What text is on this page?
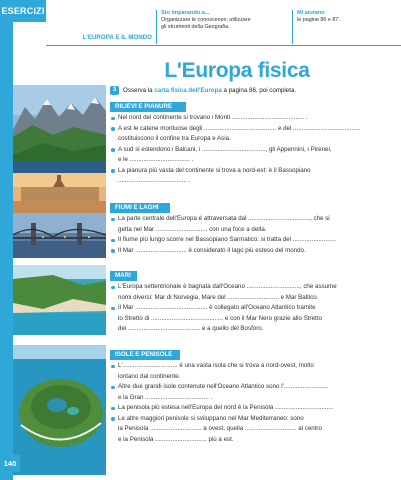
ESERCIZI
L'EUROPA E IL MONDO
Sto imparando a...
Organizzare le conoscenze; utilizzare
gli strumenti della Geografia.
Mi aiutano
le pagine 86 e 87.
L'Europa fisica
3	Osserva la
carta fisica dell'Europa
a pagina 86, poi completa.
RILIEVI E PIANURE
Nel nord del continente si trovano i Monti .......................................... .
A est le catene montuose degli .......................................... e del .......................................
costituiscono il confine tra Europa e Asia.
A sud si estendono i Balcani, i ....................................., gli Appennini, i Pirenei,
e le ................................... .
La pianura più vasta del continente si trova a nord-est: è il Bassopiano
........................................ .
FIUMI E LAGHI
La parte centrale dell'Europa è attraversata dal ...................................., che si
getta nel Mar .............................. con una foce a delta.
Il fiume più lungo scorre nel Bassopiano Sarmatico: si tratta del .........................
Il Mar .............................. è considerato il lago più esteso del mondo.
MARI
L'Europa settentrionale è bagnata dall'Oceano ..............................., che assume
nomi diversi: Mar di Norvegia, Mare del .............................. e Mar Baltico.
Il Mar .......................................... è collegato all'Oceano Atlantico tramite
lo Stretto di .......................................... e con il Mar Nero grazie allo Stretto
dei .......................................... e a quello del Bosforo.
ISOLE E PENISOLE
L'................................ è una vasta isola che si trova a nord-ovest, molto
lontano dal continente.
Altre due grandi isole contenute nell'Oceano Atlantico sono l'..........................
e la Gran ..................................... .
La penisola più estesa nell'Europa del nord è la Penisola ..................................
Le altre maggiori penisole si sviluppano nel Mar Mediterraneo: sono
la Penisola .............................. a ovest, quella .............................. al centro
e la Penisola .............................. più a est.
140
